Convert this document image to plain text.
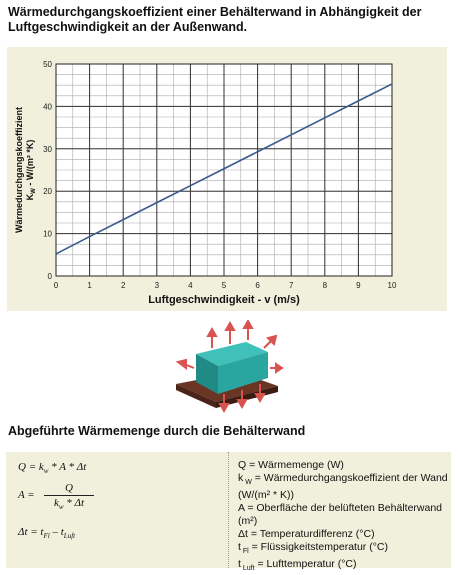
Wärmedurchgangskoeffizient einer Behälterwand in Abhängigkeit der Luftgeschwindigkeit an der Außenwand.
0	1	2	3	4	5	6	7	8	9	10
0
10
20
30
40
50
Luftgeschwindigkeit - v (m/s)
Wärmedurchgangskoeffizient $K_W - W/(m^2$ *K)
Abgeführte Wärmemenge durch die Behälterwand
$Q = k_w * A * \Delta t$
A =
Q
$k_w$ * Δt
$\Delta t = t_{Fl} - t_{Luft}$
Q = Wärmemenge (W)
k $_W$ = Wärmedurchgangskoeffizient der Wand (W/(m² * K))
A = Oberfläche der belüfteten Behälterwand (m²)
Δt = Temperaturdifferenz (°C)
t $_{Fl}$ = Flüssigkeitstemperatur (°C)
t $_{Luft}$ = Lufttemperatur (°C)
